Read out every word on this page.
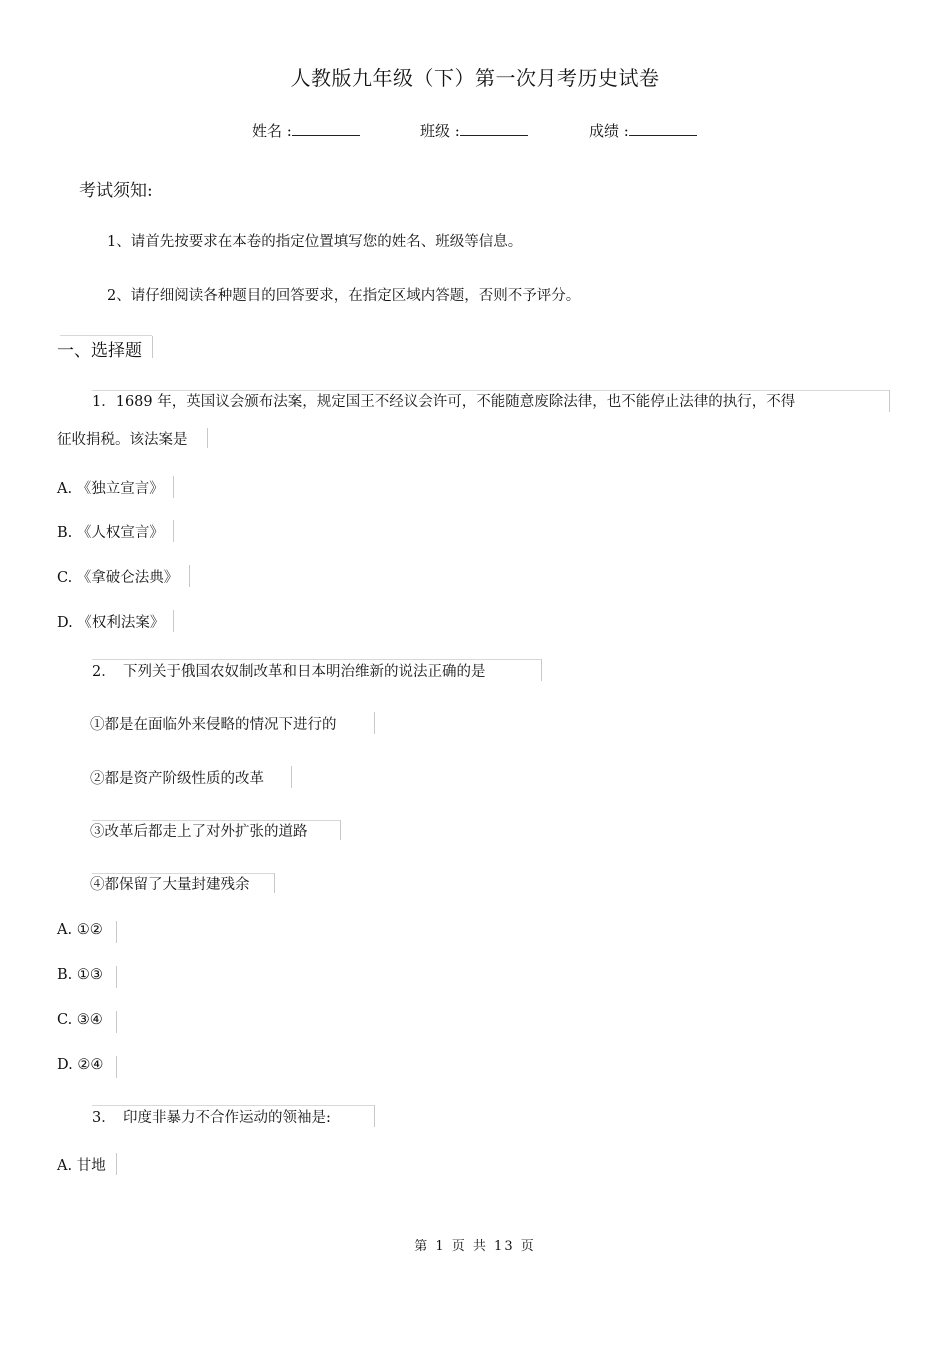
人教版九年级（下）第一次月考历史试卷
姓名 :	班级 :	成绩 :
考试须知:
1、请首先按要求在本卷的指定位置填写您的姓名、班级等信息。
2、请仔细阅读各种题目的回答要求，在指定区域内答题，否则不予评分。
一、选择题
1．1689 年，英国议会颁布法案，规定国王不经议会许可，不能随意废除法律，也不能停止法律的执行，不得
征收捐税。该法案是
A. 《独立宣言》
B. 《人权宣言》
C. 《拿破仑法典》
D. 《权利法案》
2．　下列关于俄国农奴制改革和日本明治维新的说法正确的是
①都是在面临外来侵略的情况下进行的
②都是资产阶级性质的改革
③改革后都走上了对外扩张的道路
④都保留了大量封建残余
A. ①②
B. ①③
C. ③④
D. ②④
3．　印度非暴力不合作运动的领袖是:
A. 甘地
第 1 页 共 13 页
